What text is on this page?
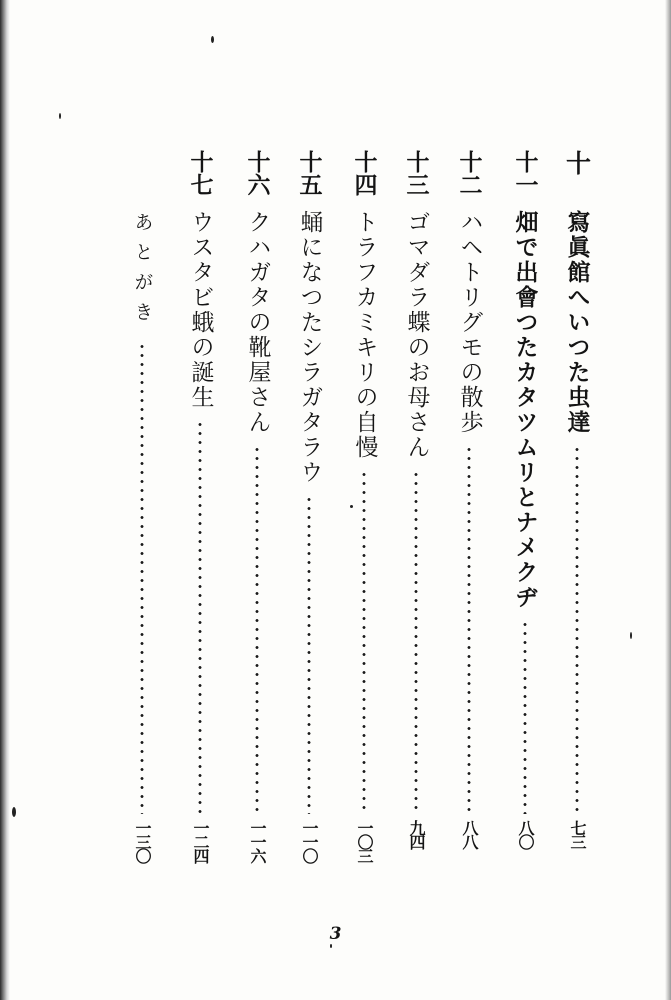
十
寫眞館へいつた虫達
七三
十一
畑で出會つたカタツムリとナメクヂ
八〇
十二
ハヘトリグモの散歩
八八
十三
ゴマダラ蝶のお母さん
九四
十四
トラフカミキリの自慢
一〇三
十五
蛹になつたシラガタラウ
一一〇
十六
クハガタの靴屋さん
一一六
十七
ウスタビ蛾の誕生
一二四
あとがき
一三〇
3
